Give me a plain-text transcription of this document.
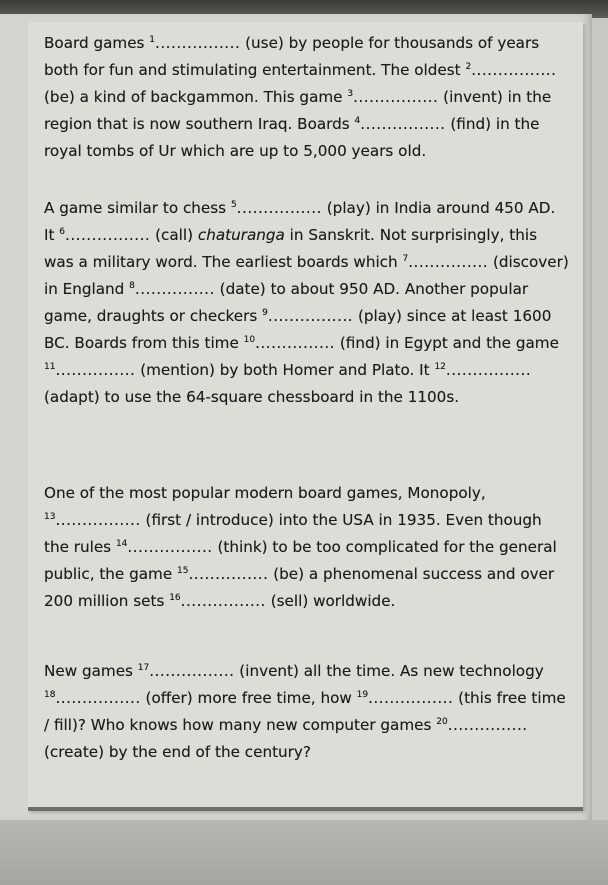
Board games $^1$................ (use) by people for thousands of years both for fun and stimulating entertainment. The oldest $^2$................ (be) a kind of backgammon. This game $^3$................ (invent) in the region that is now southern Iraq. Boards $^4$................ (find) in the royal tombs of Ur which are up to 5,000 years old.

A game similar to chess $^5$................ (play) in India around 450 AD. It $^6$................ (call) chaturanga in Sanskrit. Not surprisingly, this was a military word. The earliest boards which $^7$............... (discover) in England $^8$............... (date) to about 950 AD. Another popular game, draughts or checkers $^9$................ (play) since at least 1600 BC. Boards from this time $^{10}$............... (find) in Egypt and the game $^{11}$............... (mention) by both Homer and Plato. It $^{12}$................ (adapt) to use the 64-square chessboard in the 1100s.

One of the most popular modern board games, Monopoly, $^{13}$................ (first / introduce) into the USA in 1935. Even though the rules $^{14}$................ (think) to be too complicated for the general public, the game $^{15}$............... (be) a phenomenal success and over 200 million sets $^{16}$................ (sell) worldwide.

New games $^{17}$................ (invent) all the time. As new technology $^{18}$................ (offer) more free time, how $^{19}$................ (this free time / fill)? Who knows how many new computer games $^{20}$............... (create) by the end of the century?
